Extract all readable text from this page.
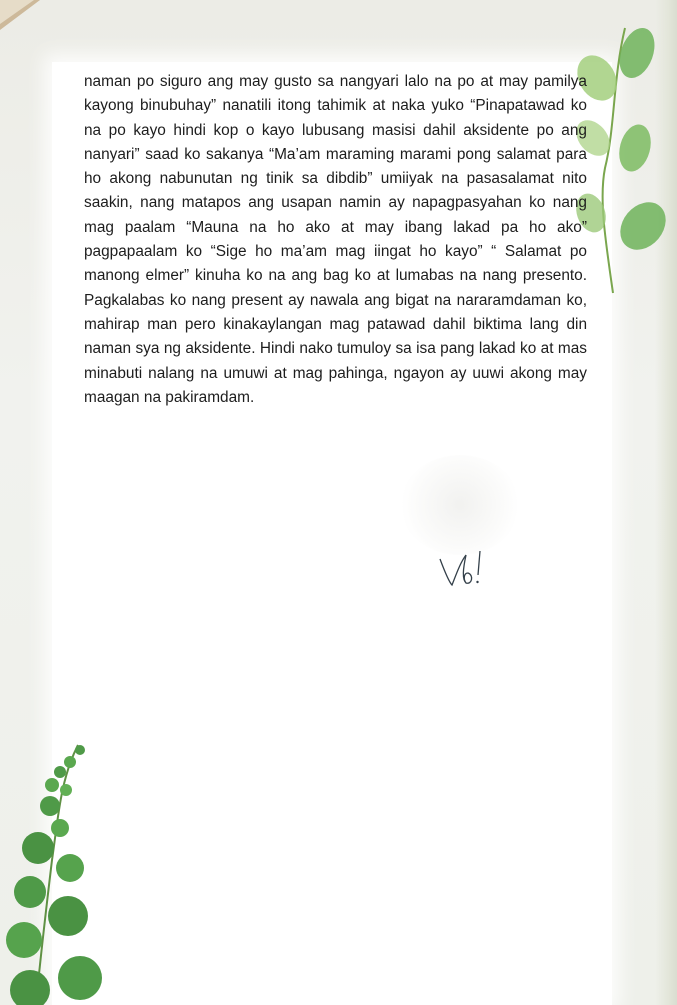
naman po siguro ang may gusto sa nangyari lalo na po at may pamilya kayong binubuhay” nanatili itong tahimik at naka yuko “Pinapatawad ko na po kayo hindi kop o kayo lubusang masisi dahil aksidente po ang nanyari” saad ko sakanya “Ma’am maraming marami pong salamat para ho akong nabunutan ng tinik sa dibdib” umiiyak na pasasalamat nito saakin, nang matapos ang usapan namin ay napagpasyahan ko nang mag paalam “Mauna na ho ako at may ibang lakad pa ho ako” pagpapaalam ko “Sige ho ma’am mag iingat ho kayo” “ Salamat po manong elmer” kinuha ko na ang bag ko at lumabas na nang presento. Pagkalabas ko nang present ay nawala ang bigat na nararamdaman ko, mahirap man pero kinakaylangan mag patawad dahil biktima lang din naman sya ng aksidente. Hindi nako tumuloy sa isa pang lakad ko at mas minabuti nalang na umuwi at mag pahinga, ngayon ay uuwi akong may maagan na pakiramdam.
